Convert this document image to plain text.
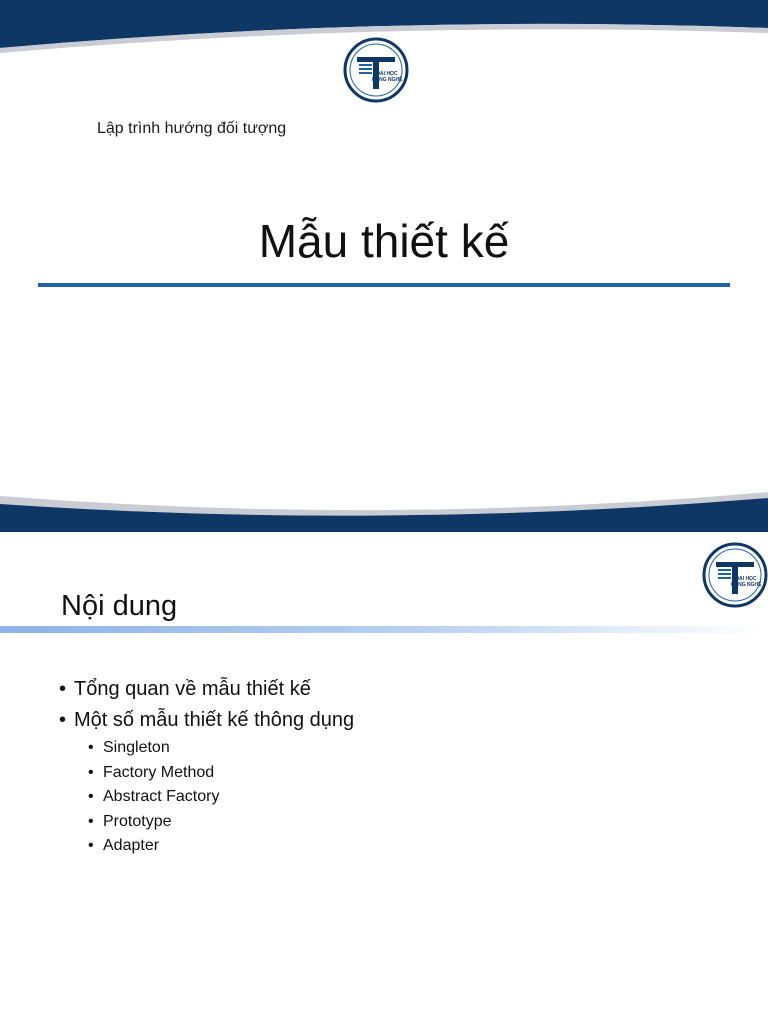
ĐẠI HỌC
CÔNG NGHỆ
Lập trình hướng đối tượng
Mẫu thiết kế
ĐẠI HỌC
CÔNG NGHỆ
Nội dung
• Tổng quan về mẫu thiết kế
• Một số mẫu thiết kế thông dụng
• Singleton
• Factory Method
• Abstract Factory
• Prototype
• Adapter
